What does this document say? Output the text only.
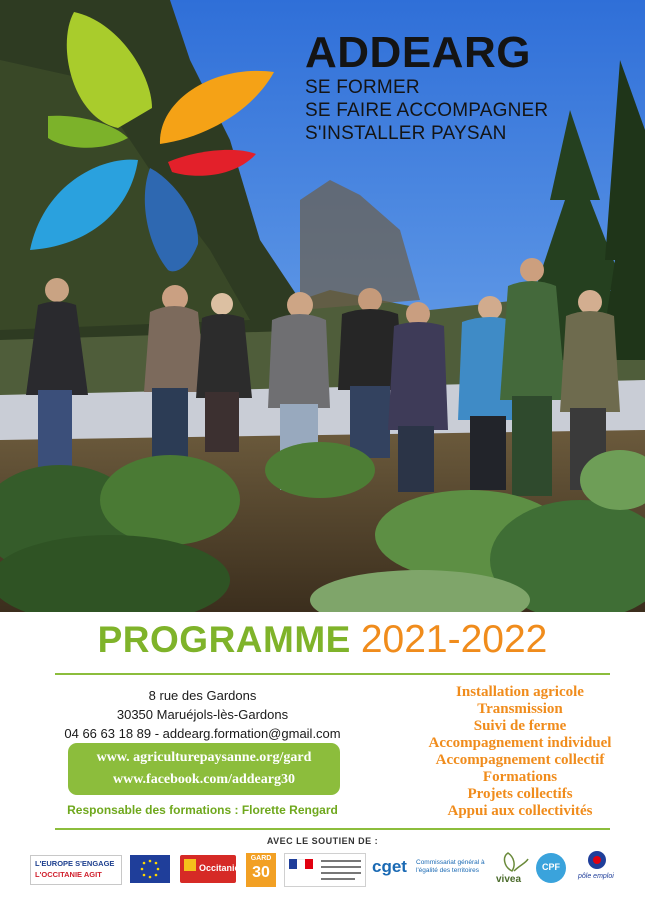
ADDEARG
SE FORMER
SE FAIRE ACCOMPAGNER
S'INSTALLER PAYSAN
PROGRAMME 2021-2022
8 rue des Gardons
30350 Maruéjols-lès-Gardons
04 66 63 18 89 - addearg.formation@gmail.com
www. agriculturepaysanne.org/gard
www.facebook.com/addearg30
Responsable des formations : Florette Rengard
Installation agricole
Transmission
Suivi de ferme
Accompagnement individuel
Accompagnement collectif
Formations
Projets collectifs
Appui aux collectivités
AVEC LE SOUTIEN DE :
L'EUROPE S'ENGAGE
L'OCCITANIE AGIT
Occitanie
GARD
30	cget Commissariat général à l'égalité des territoires
vivea
CPF
pôle emploi
